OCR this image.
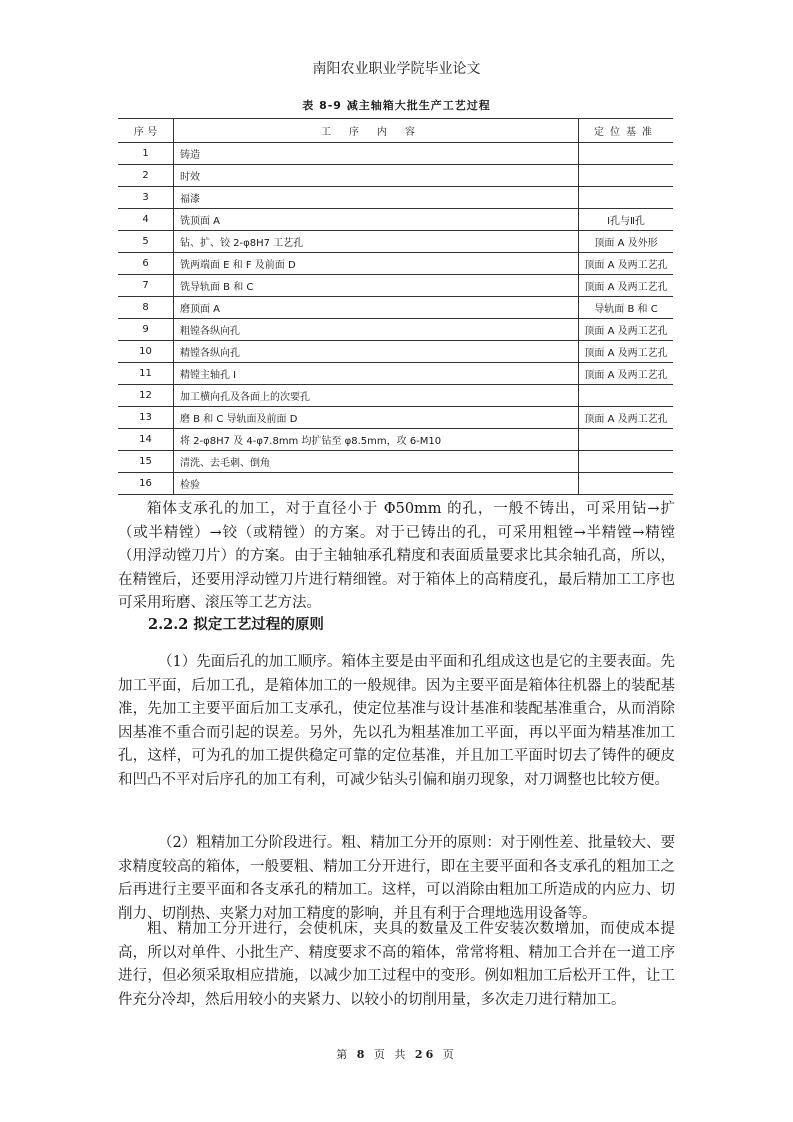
南阳农业职业学院毕业论文
表 8-9 减主轴箱大批生产工艺过程
序 号	工序内容	定位基准
1	铸造	
2	时效	
3	福漆	
4	铣顶面 A	Ⅰ孔与Ⅱ孔
5	钻、扩、铰 2-φ8H7 工艺孔	顶面 A 及外形
6	铣两端面 E 和 F 及前面 D	顶面 A 及两工艺孔
7	铣导轨面 B 和 C	顶面 A 及两工艺孔
8	磨顶面 A	导轨面 B 和 C
9	粗镗各纵向孔	顶面 A 及两工艺孔
10	精镗各纵向孔	顶面 A 及两工艺孔
11	精镗主轴孔 Ⅰ	顶面 A 及两工艺孔
12	加工横向孔及各面上的次要孔	
13	磨 B 和 C 导轨面及前面 D	顶面 A 及两工艺孔
14	将 2-φ8H7 及 4-φ7.8mm 均扩钻至 φ8.5mm，攻 6-M10	
15	清洗、去毛刺、倒角	
16	检验	
箱体支承孔的加工，对于直径小于 Φ50mm 的孔，一般不铸出，可采用钻→扩（或半精镗）→铰（或精镗）的方案。对于已铸出的孔，可采用粗镗→半精镗→精镗（用浮动镗刀片）的方案。由于主轴轴承孔精度和表面质量要求比其余轴孔高，所以，在精镗后，还要用浮动镗刀片进行精细镗。对于箱体上的高精度孔，最后精加工工序也可采用珩磨、滚压等工艺方法。
2.2.2 拟定工艺过程的原则
（1）先面后孔的加工顺序。箱体主要是由平面和孔组成这也是它的主要表面。先加工平面，后加工孔，是箱体加工的一般规律。因为主要平面是箱体往机器上的装配基准，先加工主要平面后加工支承孔，使定位基准与设计基准和装配基准重合，从而消除因基准不重合而引起的误差。另外，先以孔为粗基准加工平面，再以平面为精基准加工孔，这样，可为孔的加工提供稳定可靠的定位基准，并且加工平面时切去了铸件的硬皮和凹凸不平对后序孔的加工有利，可减少钻头引偏和崩刃现象，对刀调整也比较方便。
（2）粗精加工分阶段进行。粗、精加工分开的原则：对于刚性差、批量较大、要求精度较高的箱体，一般要粗、精加工分开进行，即在主要平面和各支承孔的粗加工之后再进行主要平面和各支承孔的精加工。这样，可以消除由粗加工所造成的内应力、切削力、切削热、夹紧力对加工精度的影响，并且有利于合理地选用设备等。
粗、精加工分开进行，会使机床，夹具的数量及工件安装次数增加，而使成本提高，所以对单件、小批生产、精度要求不高的箱体，常常将粗、精加工合并在一道工序进行，但必须采取相应措施，以减少加工过程中的变形。例如粗加工后松开工件，让工件充分冷却，然后用较小的夹紧力、以较小的切削用量，多次走刀进行精加工。
第 8 页 共 26 页
